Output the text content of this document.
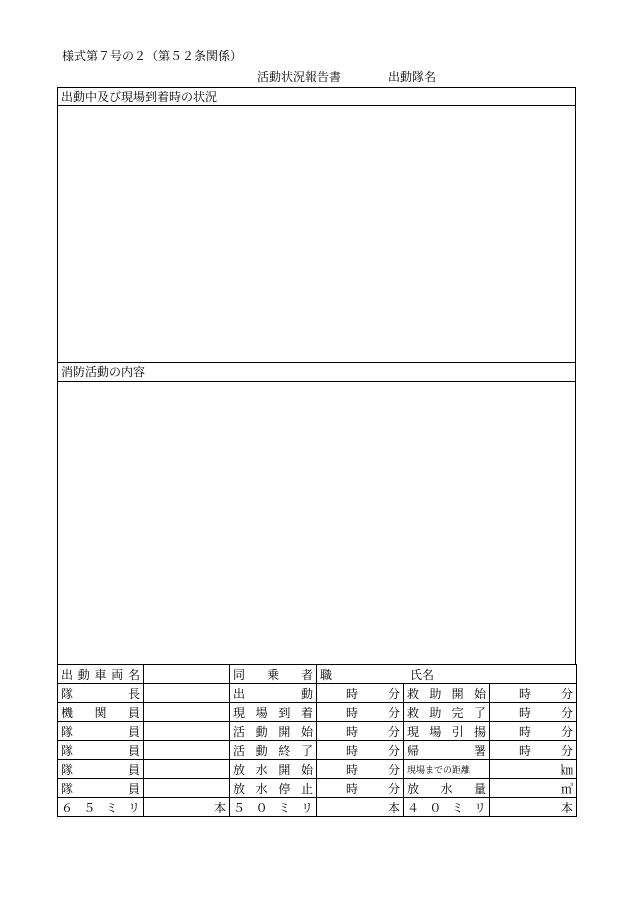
様式第７号の２（第５２条関係）
活動状況報告書	出動隊名
出動中及び現場到着時の状況
消防活動の内容
出動車両名		同　乗　者	職 氏名		
隊　　長		出　　　動	時 分	救助開始	時 分

機　関　員		現場到着	時 分	救助完了	時 分

隊　　員		活動開始	時 分	現場引揚	時 分

隊　　員		活動終了	時 分	帰　　署	時 分

隊　　員		放水開始	時 分	現場までの距離	㎞
隊　　員		放水停止	時 分	放　水　量	㎥
６５ミリ	本	５０ミリ	本	４０ミリ	本
